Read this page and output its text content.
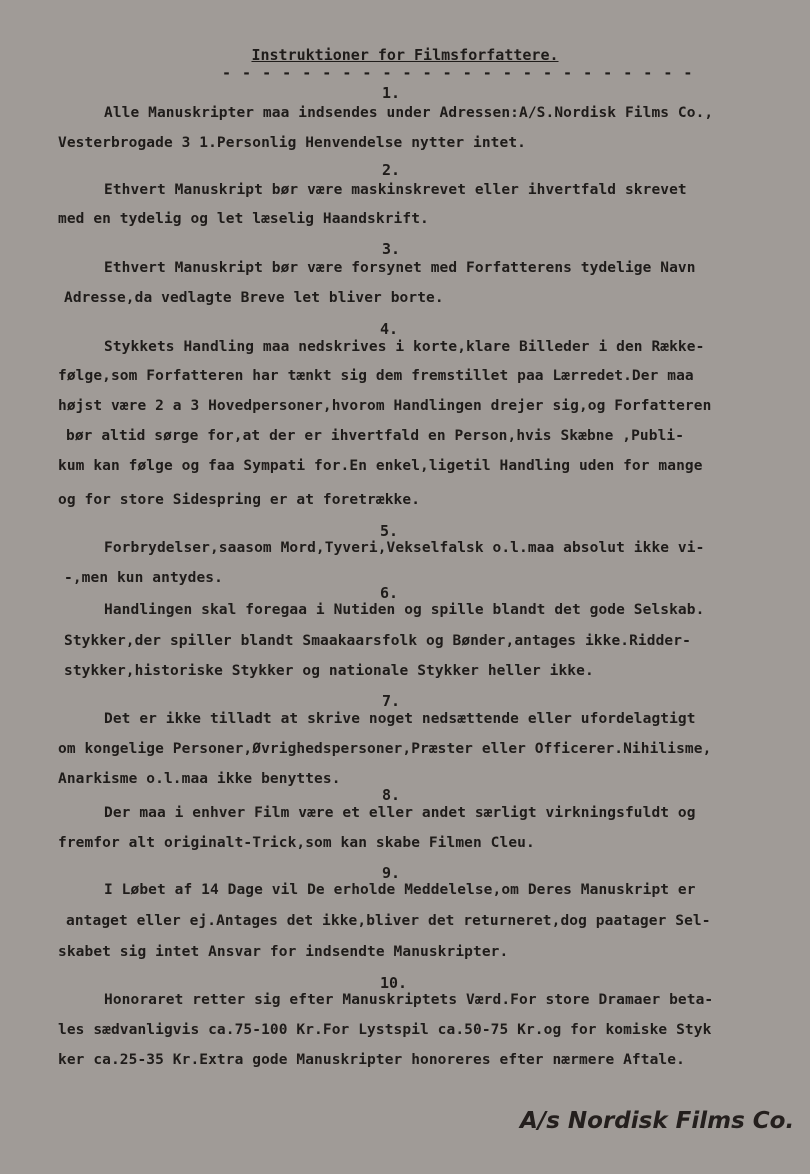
Instruktioner for Filmsforfattere.
- - - - - - - - - - - - - - - - - - - - - - - -
1.
Alle Manuskripter maa indsendes under Adressen:A/S.Nordisk Films Co.,
Vesterbrogade 3 1.Personlig Henvendelse nytter intet.
2.
Ethvert Manuskript bør være maskinskrevet eller ihvertfald skrevet
med en tydelig og let læselig Haandskrift.
3.
Ethvert Manuskript bør være forsynet med Forfatterens tydelige Navn
Adresse,da vedlagte Breve let bliver borte.
4.
Stykkets Handling maa nedskrives i korte,klare Billeder i den Række-
følge,som Forfatteren har tænkt sig dem fremstillet paa Lærredet.Der maa
højst være 2 a 3 Hovedpersoner,hvorom Handlingen drejer sig,og Forfatteren
bør altid sørge for,at der er ihvertfald en Person,hvis Skæbne ,Publi-
kum kan følge og faa Sympati for.En enkel,ligetil Handling uden for mange
og for store Sidespring er at foretrække.
5.
Forbrydelser,saasom Mord,Tyveri,Vekselfalsk o.l.maa absolut ikke vi-
-,men kun antydes.
6.
Handlingen skal foregaa i Nutiden og spille blandt det gode Selskab.
Stykker,der spiller blandt Smaakaarsfolk og Bønder,antages ikke.Ridder-
stykker,historiske Stykker og nationale Stykker heller ikke.
7.
Det er ikke tilladt at skrive noget nedsættende eller ufordelagtigt
om kongelige Personer,Øvrighedspersoner,Præster eller Officerer.Nihilisme,
Anarkisme o.l.maa ikke benyttes.
8.
Der maa i enhver Film være et eller andet særligt virkningsfuldt og
fremfor alt originalt-Trick,som kan skabe Filmen Cleu.
9.
I Løbet af 14 Dage vil De erholde Meddelelse,om Deres Manuskript er
antaget eller ej.Antages det ikke,bliver det returneret,dog paatager Sel-
skabet sig intet Ansvar for indsendte Manuskripter.
10.
Honoraret retter sig efter Manuskriptets Værd.For store Dramaer beta-
les sædvanligvis ca.75-100 Kr.For Lystspil ca.50-75 Kr.og for komiske Styk
ker ca.25-35 Kr.Extra gode Manuskripter honoreres efter nærmere Aftale.
A/s Nordisk Films Co.
